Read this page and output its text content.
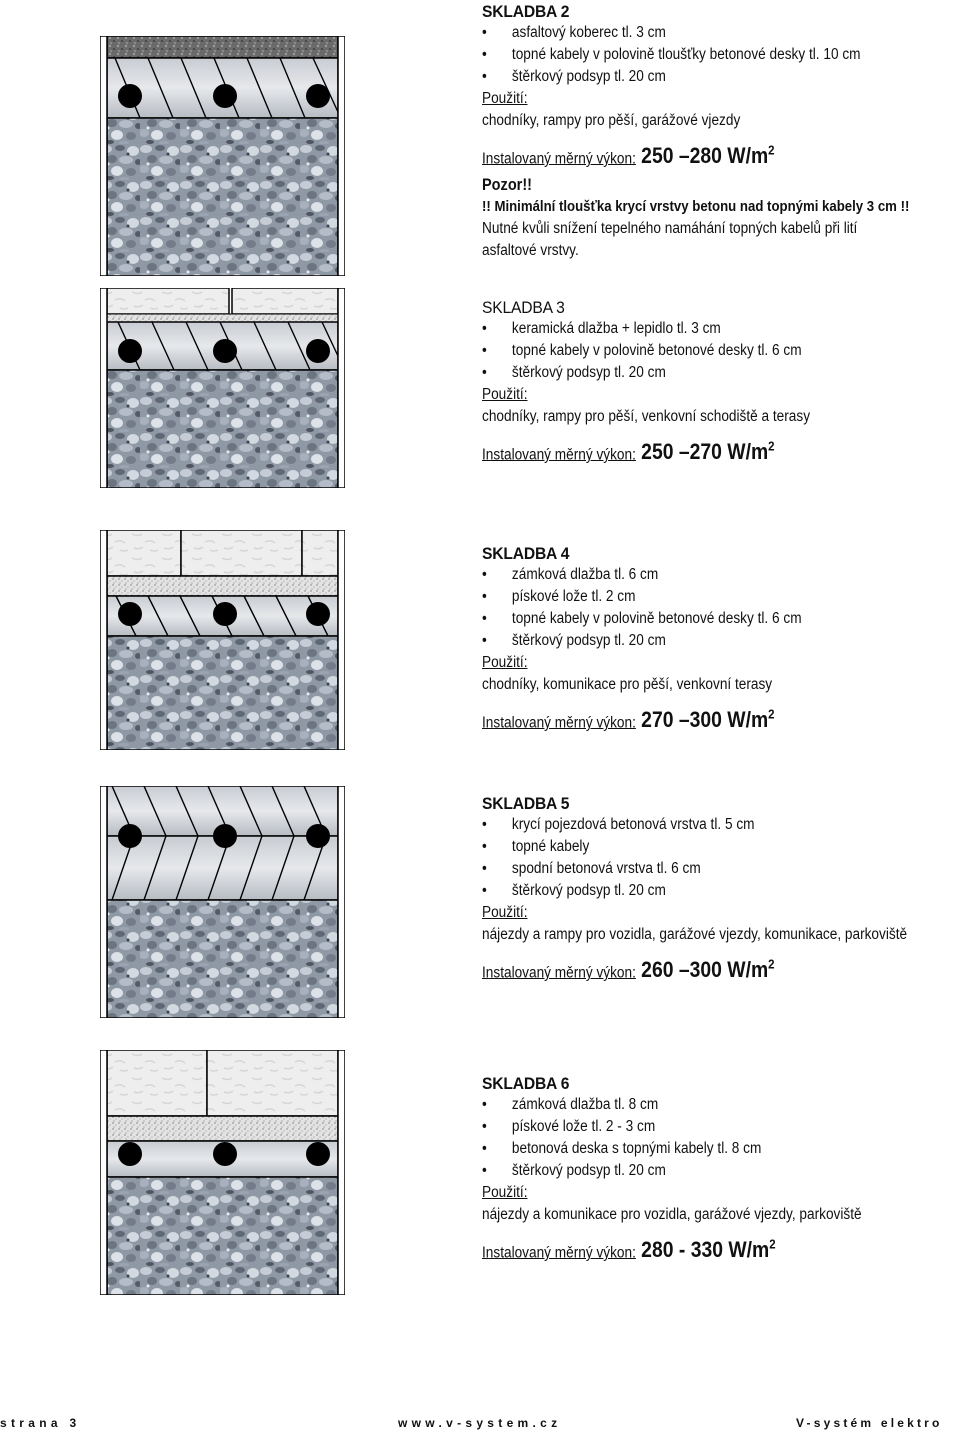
SKLADBA 2
• asfaltový koberec tl. 3 cm
• topné kabely v polovině tloušťky betonové desky tl. 10 cm
• štěrkový podsyp tl. 20 cm
Použití:
chodníky, rampy pro pěší, garážové vjezdy
Instalovaný měrný výkon: 250 –280 $W/m^2$
Pozor!!
!! Minimální tloušťka krycí vrstvy betonu nad topnými kabely 3 cm !!
Nutné kvůli snížení tepelného namáhání topných kabelů při lití
asfaltové vrstvy.
SKLADBA 3
• keramická dlažba + lepidlo tl. 3 cm
• topné kabely v polovině betonové desky tl. 6 cm
• štěrkový podsyp tl. 20 cm
Použití:
chodníky, rampy pro pěší, venkovní schodiště a terasy
Instalovaný měrný výkon: 250 –270 $W/m^2$
SKLADBA 4
• zámková dlažba tl. 6 cm
• pískové lože tl. 2 cm
• topné kabely v polovině betonové desky tl. 6 cm
• štěrkový podsyp tl. 20 cm
Použití:
chodníky, komunikace pro pěší, venkovní terasy
Instalovaný měrný výkon: 270 –300 $W/m^2$
SKLADBA 5
• krycí pojezdová betonová vrstva tl. 5 cm
• topné kabely
• spodní betonová vrstva tl. 6 cm
• štěrkový podsyp tl. 20 cm
Použití:
nájezdy a rampy pro vozidla, garážové vjezdy, komunikace, parkoviště
Instalovaný měrný výkon: 260 –300 $W/m^2$
SKLADBA 6
• zámková dlažba tl. 8 cm
• pískové lože tl. 2 - 3 cm
• betonová deska s topnými kabely tl. 8 cm
• štěrkový podsyp tl. 20 cm
Použití:
nájezdy a komunikace pro vozidla, garážové vjezdy, parkoviště
Instalovaný měrný výkon: 280 - 330 $W/m^2$
strana 3	www.v-system.cz	V-systém elektro
